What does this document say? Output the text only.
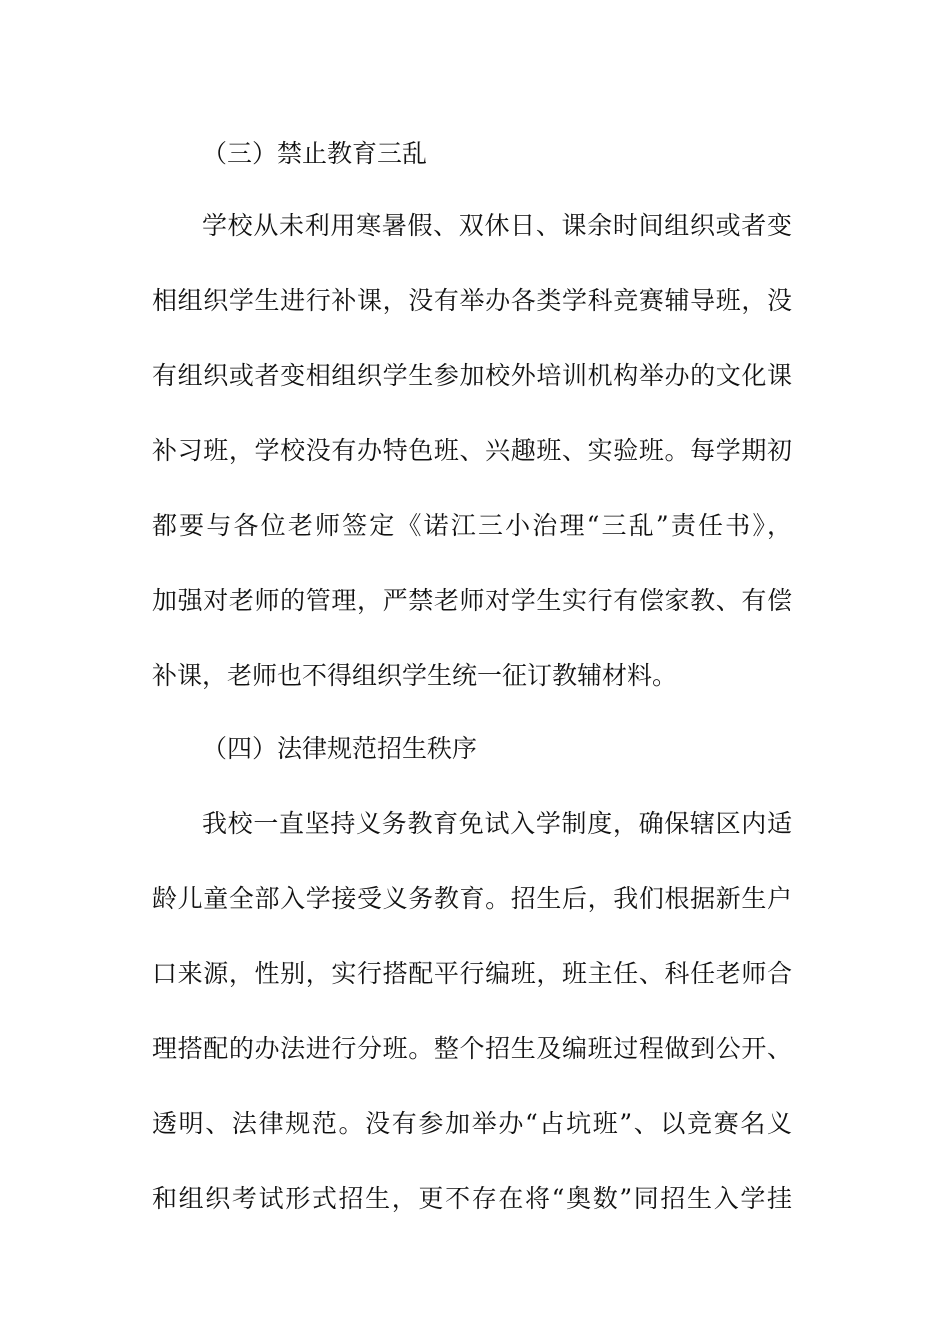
（三）禁止教育三乱
学校从未利用寒暑假、双休日、课余时间组织或者变
相组织学生进行补课，没有举办各类学科竞赛辅导班，没
有组织或者变相组织学生参加校外培训机构举办的文化课
补习班，学校没有办特色班、兴趣班、实验班。每学期初
都要与各位老师签定《诺江三小治理“三乱”责任书》，
加强对老师的管理，严禁老师对学生实行有偿家教、有偿
补课，老师也不得组织学生统一征订教辅材料。
（四）法律规范招生秩序
我校一直坚持义务教育免试入学制度，确保辖区内适
龄儿童全部入学接受义务教育。招生后，我们根据新生户
口来源，性别，实行搭配平行编班，班主任、科任老师合
理搭配的办法进行分班。整个招生及编班过程做到公开、
透明、法律规范。没有参加举办“占坑班”、以竞赛名义
和组织考试形式招生，更不存在将“奥数”同招生入学挂
